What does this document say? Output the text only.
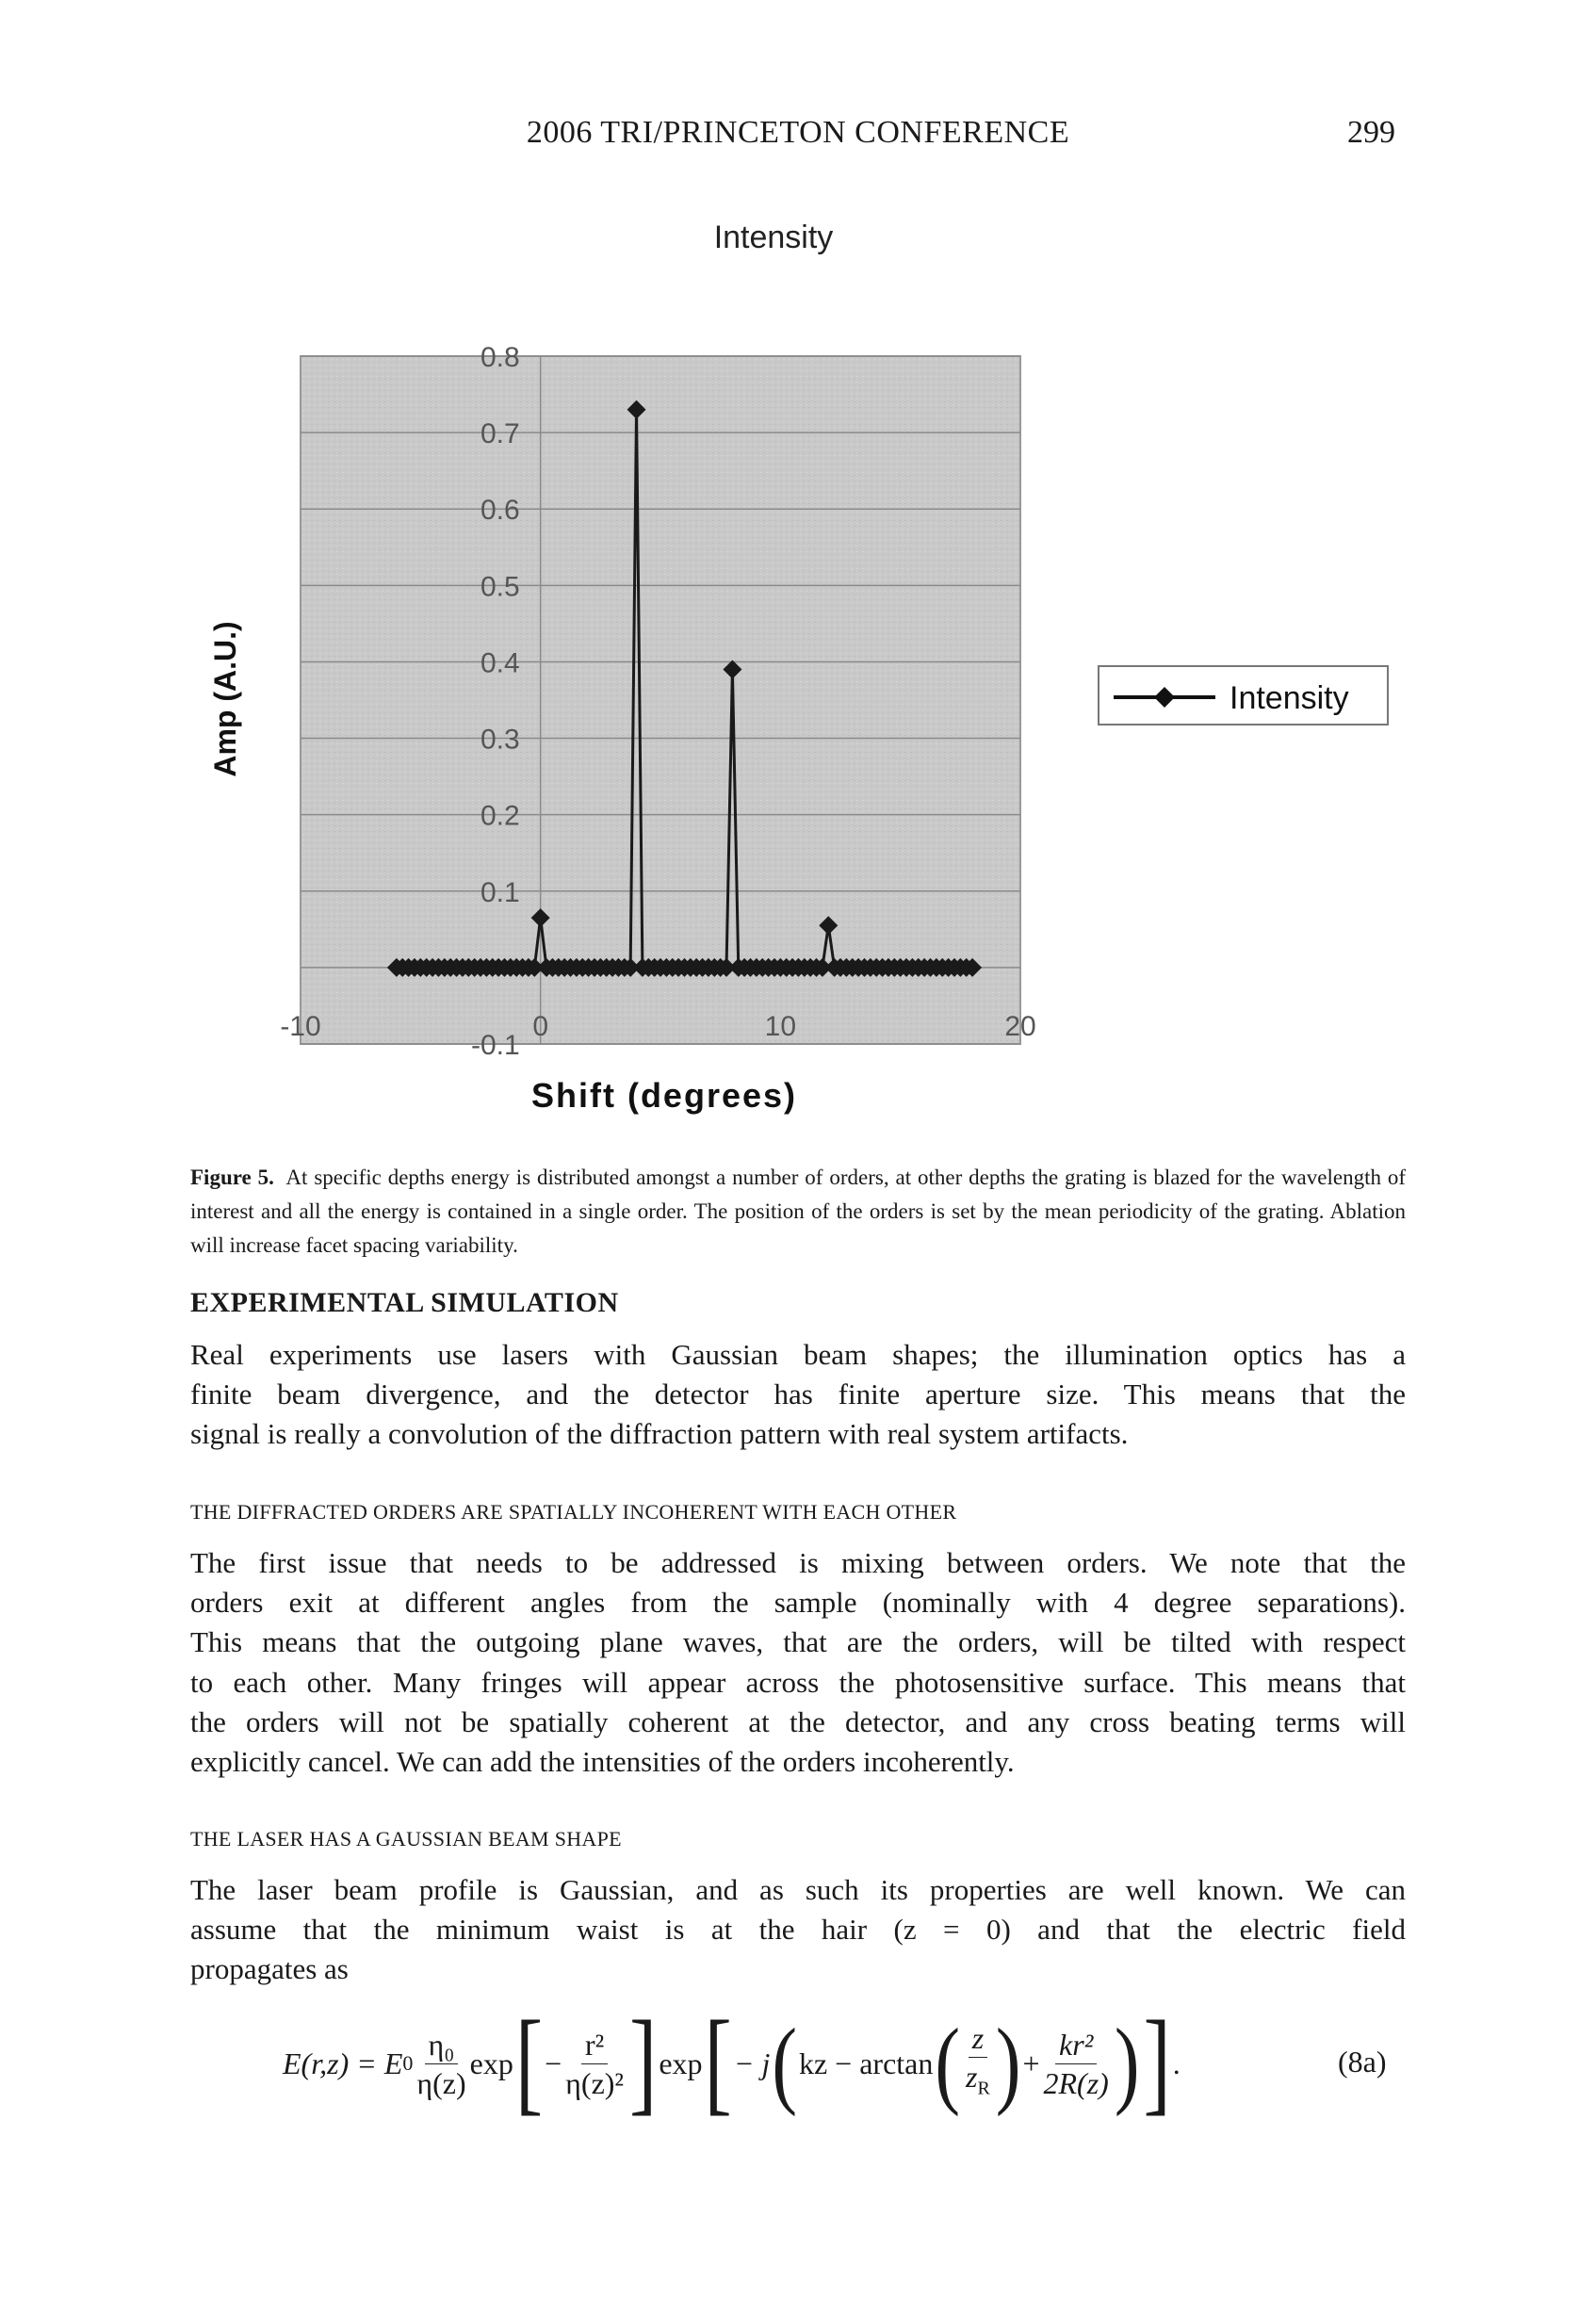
2006 TRI/PRINCETON CONFERENCE	299
Intensity
-0.1
0.1
0.2
0.3
0.4
0.5
0.6
0.7
0.8
-10	0	10	20
Amp (A.U.)
Shift (degrees)
Intensity
Figure 5. At specific depths energy is distributed amongst a number of orders, at other depths the grating is blazed for the wavelength of interest and all the energy is contained in a single order. The position of the orders is set by the mean periodicity of the grating. Ablation will increase facet spacing variability.
EXPERIMENTAL SIMULATION
Real experiments use lasers with Gaussian beam shapes; the illumination optics has a
finite beam divergence, and the detector has finite aperture size. This means that the
signal is really a convolution of the diffraction pattern with real system artifacts.
THE DIFFRACTED ORDERS ARE SPATIALLY INCOHERENT WITH EACH OTHER
The first issue that needs to be addressed is mixing between orders. We note that the
orders exit at different angles from the sample (nominally with 4 degree separations).
This means that the outgoing plane waves, that are the orders, will be tilted with respect
to each other. Many fringes will appear across the photosensitive surface. This means that
the orders will not be spatially coherent at the detector, and any cross beating terms will
explicitly cancel. We can add the intensities of the orders incoherently.
THE LASER HAS A GAUSSIAN BEAM SHAPE
The laser beam profile is Gaussian, and as such its properties are well known. We can
assume that the minimum waist is at the hair (z = 0) and that the electric field
propagates as
E(r,z) = E $0 \frac{\text{η₀}}{\eta(z)}$ exp [ − $\frac{\text{r²}}{\text{η(z)²}}$ ] exp [ − j ( kz − arctan ( $\frac{z}{z_R}$ ) + $\frac{\text{kr²}}{2R(z)}$ ) ] .	(8a)
